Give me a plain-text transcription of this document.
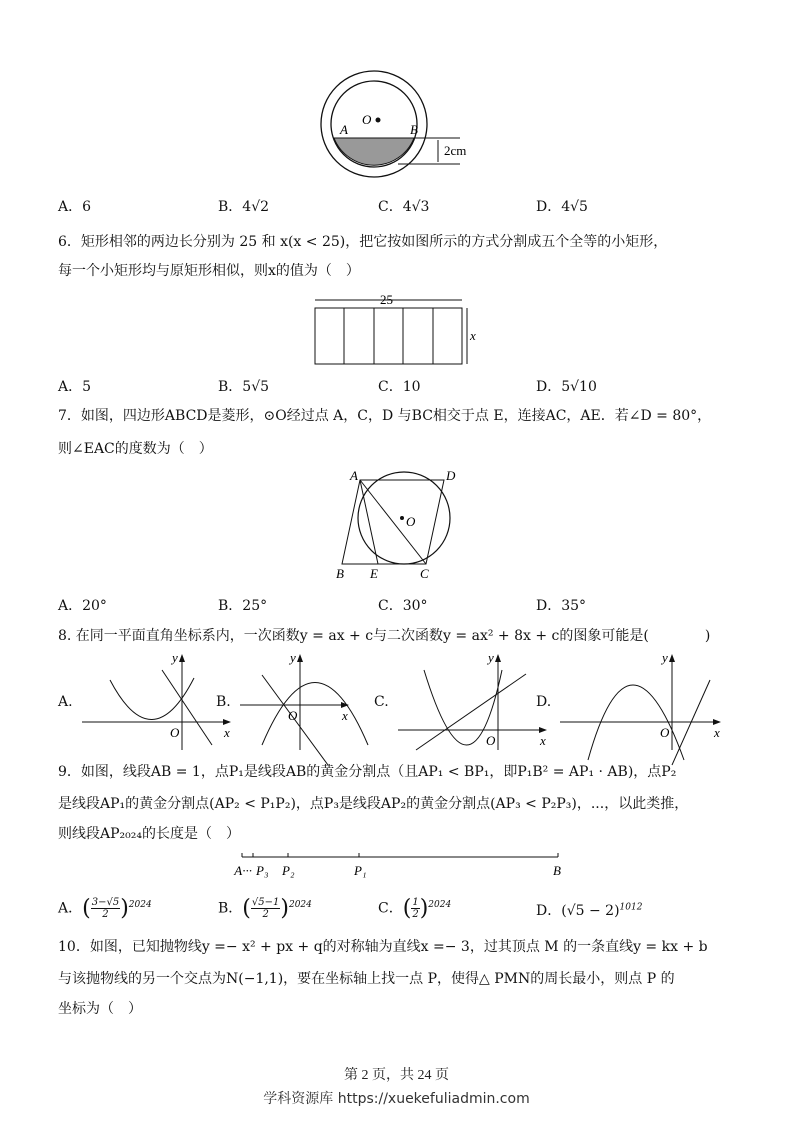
O
A	B
2cm
A．6	B．4√2	C．4√3	D．4√5
6．矩形相邻的两边长分别为 25 和 x(x < 25)，把它按如图所示的方式分割成五个全等的小矩形，
每一个小矩形均与原矩形相似，则x的值为（　）
25
x
A．5	B．5√5	C．10	D．5√10
7．如图，四边形ABCD是菱形，⊙O经过点 A，C，D 与BC相交于点 E，连接AC，AE．若∠D = 80°，
则∠EAC的度数为（　）
A	D
O
B E	C
A．20°	B．25°	C．30°	D．35°
8. 在同一平面直角坐标系内，一次函数y = ax + c与二次函数y = ax² + 8x + c的图象可能是(　　　　)
A.
y
x
O
B.
y
x
O
C.
y
x
O
D.
y
x
O
9．如图，线段AB = 1，点P₁是线段AB的黄金分割点（且AP₁ < BP₁，即P₁B² = AP₁ · AB)，点P₂
是线段AP₁的黄金分割点(AP₂ < P₁P₂)，点P₃是线段AP₂的黄金分割点(AP₃ < P₂P₃)，...，以此类推，
则线段AP₂₀₂₄的长度是（　）
A··· P₃ P₂	P₁	B
A．( $\frac{3-√5}{2})^{2024}$	B．( $\frac{√5-1}{2})^{2024}$	C．( $\frac{1}{2})^{2024}$	D．$(√5 - 2)^{1012}$
10．如图，已知抛物线y =− x² + px + q的对称轴为直线x =− 3，过其顶点 M 的一条直线y = kx + b
与该抛物线的另一个交点为N(−1,1)，要在坐标轴上找一点 P，使得△ PMN的周长最小，则点 P 的
坐标为（　）
第 2 页，共 24 页
学科资源库 https://xuekefuliadmin.com
